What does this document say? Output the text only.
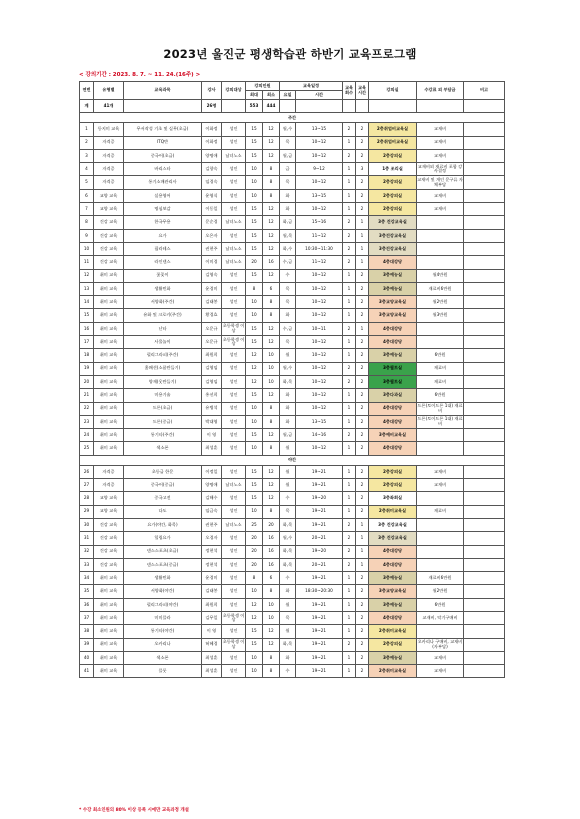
2023년 울진군 평생학습관 하반기 교육프로그램
< 강의기간 : 2023. 8. 7. ~ 11. 24.(16주) >
연번	유형별	교육과목	강사	강의대상	강의인원		교육일정		교육회수	교육시간	강의실	수강료 외 부담금	비고
					최대	최소	요일	시간					
계	41개		26명		553	444							
주간													
1	등지미 교육	무서작성 기초 및 실무(초급)	이화정	성인	15	12	월,수	13~15	2	2	2층취업비교육실	교재비	
2	자격증	ITQ반	이화정	성인	15	12	목	10~12	1	2	2층취업비교육실	교재비	
3	자격증	중국어(초급)	양명애	남녀노소	15	12	월,금	10~12	2	2	2층강의실	교재비	
4	자격증	바리스타	김향숙	성인	10	8	금	9~12	1	3	1층 조리실	교재비외 재료비 포함 강사결정	
5	자격증	통기소매관리사	임경숙	성인	10	8	목	10~12	1	2	2층강의실	교재비 및 개인 문구류 자체부담	
6	교양 교육	실용영어	윤영식	성인	10	8	화	13~15	1	2	2층강의실	교재비	
7	교양 교육	명심보감	이동일	성인	15	12	화	10~12	1	2	2층강의실	교재비	
8	건강 교육	한국무용	문순경	남녀노소	15	12	화,금	15~16	2	1	3층 건강교육실		
9	건강 교육	요가	오은자	성인	15	12	월,목	11~12	2	1	3층건강교육실		
10	건강 교육	필라테스	권현주	남녀노소	15	12	화,수	10:30~11:30	2	1	3층건강교육실		
11	건강 교육	라인댄스	이미경	남녀노소	20	16	수,금	11~12	2	1	4층대강당		
12	취미 교육	꽃꽂이	김영숙	성인	15	12	수	10~12	1	2	3층예능실	월4만원	
13	취미 교육	생활민화	윤경미	성인	8	6	목	10~12	1	2	3층예능실	재료비6만원	
14	취미 교육	서양화(주간)	김태봉	성인	10	8	목	10~12	1	2	3층교양교육실	월2만원	
15	취미 교육	유화 및 크로키(주간)	황경효	성인	10	8	화	10~12	1	2	3층교양교육실	월3만원	
16	취미 교육	난타	오문규	초등학생 이상	15	12	수,금	10~11	2	1	4층대강당		
17	취미 교육	사물놀이	오문규	초등학생 이상	15	12	목	10~12	1	2	4층대강당		
18	취미 교육	펄리그라피(주간)	최원희	성인	12	10	월	10~12	1	2	3층예능실	6만원	
19	취미 교육	홈패션(소품만들기)	김영임	성인	12	10	월,수	10~12	2	2	3층퀼트실	재료비	
20	취미 교육	양재(옷만들기)	김영임	성인	12	10	화,목	10~12	2	2	3층퀼트실	재료비	
21	취미 교육	미용기술	홍선희	성인	15	12	화	10~12	1	2	3층다과실	6만원	
22	취미 교육	드론(초급)	유병석	성인	10	8	화	10~12	1	2	4층대강당	드론(토이드론 1대) 재료비	
23	취미 교육	드론(중급)	박대영	성인	10	8	화	13~15	1	2	4층대강당	드론(토이드론 1대) 재료비	
24	취미 교육	통기타(주간)	이 영	성인	15	12	월,금	14~16	2	2	3층예비교육실		
25	취미 교육	색소폰	최성훈	성인	10	8	월	10~12	1	2	4층대강당		
야간													
26	자격증	초등급 한문	이정일	성인	15	12	월	19~21	1	2	2층강의실	교재비	
27	자격증	중국어(중급)	양명애	남녀노소	15	12	월	19~21	1	2	2층강의실	교재비	
28	교양 교육	중국고전	김해수	성인	15	12	수	19~20	1	2	3층좌회실		
29	교양 교육	다도	임금숙	성인	10	8	목	19~21	1	2	2층취미교육실	재료비	
30	건강 교육	요가(야간, 화목)	권현주	남녀노소	25	20	화,목	19~21	2	1	3층 건강교육실		
31	건강 교육	힐링요가	오경자	성인	20	16	월,수	20~21	2	1	3층 건강교육실		
32	건강 교육	댄스스포츠(초급)	정현석	성인	20	16	화,목	19~20	2	1	4층대강당		
33	건강 교육	댄스스포츠(중급)	정현석	성인	20	16	화,목	20~21	2	1	4층대강당		
34	취미 교육	생활민화	윤경미	성인	8	6	수	19~21	1	2	3층예능실	재료비6만원	
35	취미 교육	서양화(야간)	김태봉	성인	10	8	화	18:30~20:30	1	2	3층교양교육실	월2만원	
36	취미 교육	펄리그라피(야간)	최원희	성인	12	10	월	19~21	1	2	3층예능실	6만원	
37	취미 교육	미미플라	김무일	초등학생 이상	12	10	목	19~21	1	2	4층대강당	교재비, 악기구매비	
38	취미 교육	통기타(야간)	이 영	성인	15	12	월	19~21	1	2	2층취미교육실		
39	취미 교육	오카리나	허혜경	초등학생 이상	15	12	화,목	19~21	2	2	2층강의실	오카리나 구매비, 교재비(자부담)	
40	취미 교육	색소폰	최성훈	성인	10	8	화	19~21	1	2	3층예능실	교재비	
41	취미 교육	플룻	최성훈	성인	10	8	수	19~21	1	2	2층취미교육실	교재비	
* 수강 최소인원의 80% 이상 등록 시에만 교육과정 개설
